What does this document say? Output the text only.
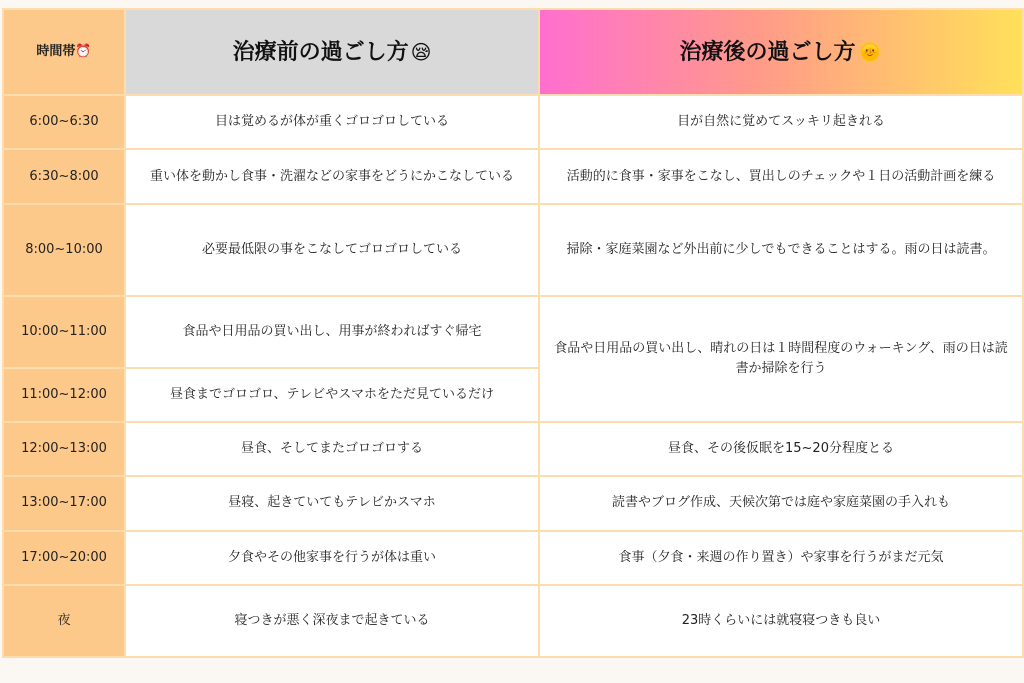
時間帯⏰	治療前の過ごし方 😪	治療後の過ごし方 🌞
6:00~6:30	目は覚めるが体が重くゴロゴロしている	目が自然に覚めてスッキリ起きれる
6:30~8:00	重い体を動かし食事・洗濯などの家事をどうにかこなしている	活動的に食事・家事をこなし、買出しのチェックや１日の活動計画を練る
8:00~10:00	必要最低限の事をこなしてゴロゴロしている	掃除・家庭菜園など外出前に少しでもできることはする。雨の日は読書。
10:00~11:00	食品や日用品の買い出し、用事が終わればすぐ帰宅	食品や日用品の買い出し、晴れの日は１時間程度のウォーキング、雨の日は読書か掃除を行う
11:00~12:00	昼食までゴロゴロ、テレビやスマホをただ見ているだけ	
12:00~13:00	昼食、そしてまたゴロゴロする	昼食、その後仮眠を15~20分程度とる
13:00~17:00	昼寝、起きていてもテレビかスマホ	読書やブログ作成、天候次第では庭や家庭菜園の手入れも
17:00~20:00	夕食やその他家事を行うが体は重い	食事（夕食・来週の作り置き）や家事を行うがまだ元気
夜	寝つきが悪く深夜まで起きている	23時くらいには就寝寝つきも良い
